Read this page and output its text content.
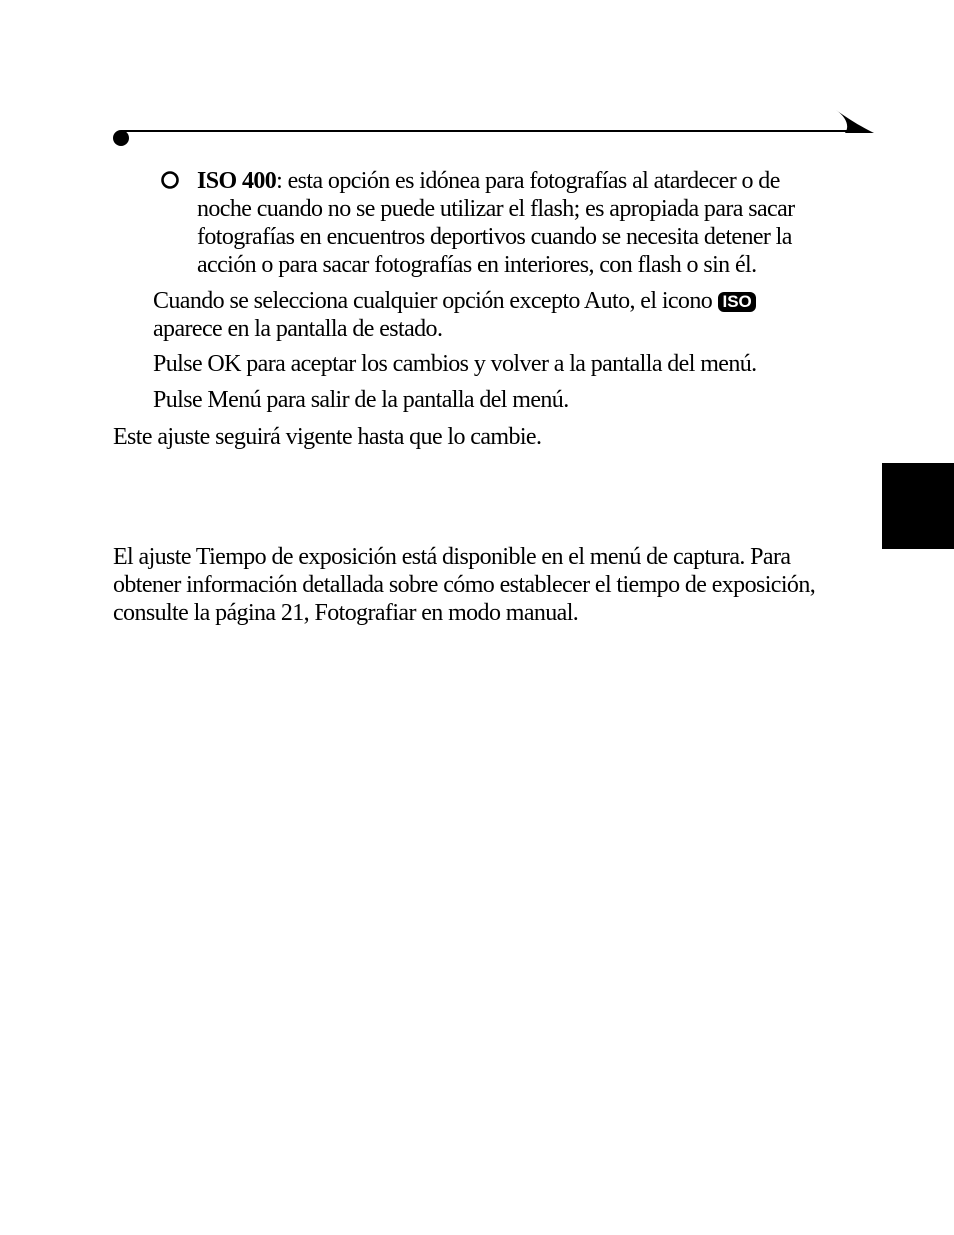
ISO 400: esta opción es idónea para fotografías al atardecer o de
noche cuando no se puede utilizar el flash; es apropiada para sacar
fotografías en encuentros deportivos cuando se necesita detener la
acción o para sacar fotografías en interiores, con flash o sin él.
Cuando se selecciona cualquier opción excepto Auto, el icono ISO
aparece en la pantalla de estado.

Pulse OK para aceptar los cambios y volver a la pantalla del menú.

Pulse Menú para salir de la pantalla del menú.

Este ajuste seguirá vigente hasta que lo cambie.

El ajuste Tiempo de exposición está disponible en el menú de captura. Para
obtener información detallada sobre cómo establecer el tiempo de exposición,
consulte la página 21, Fotografiar en modo manual.
